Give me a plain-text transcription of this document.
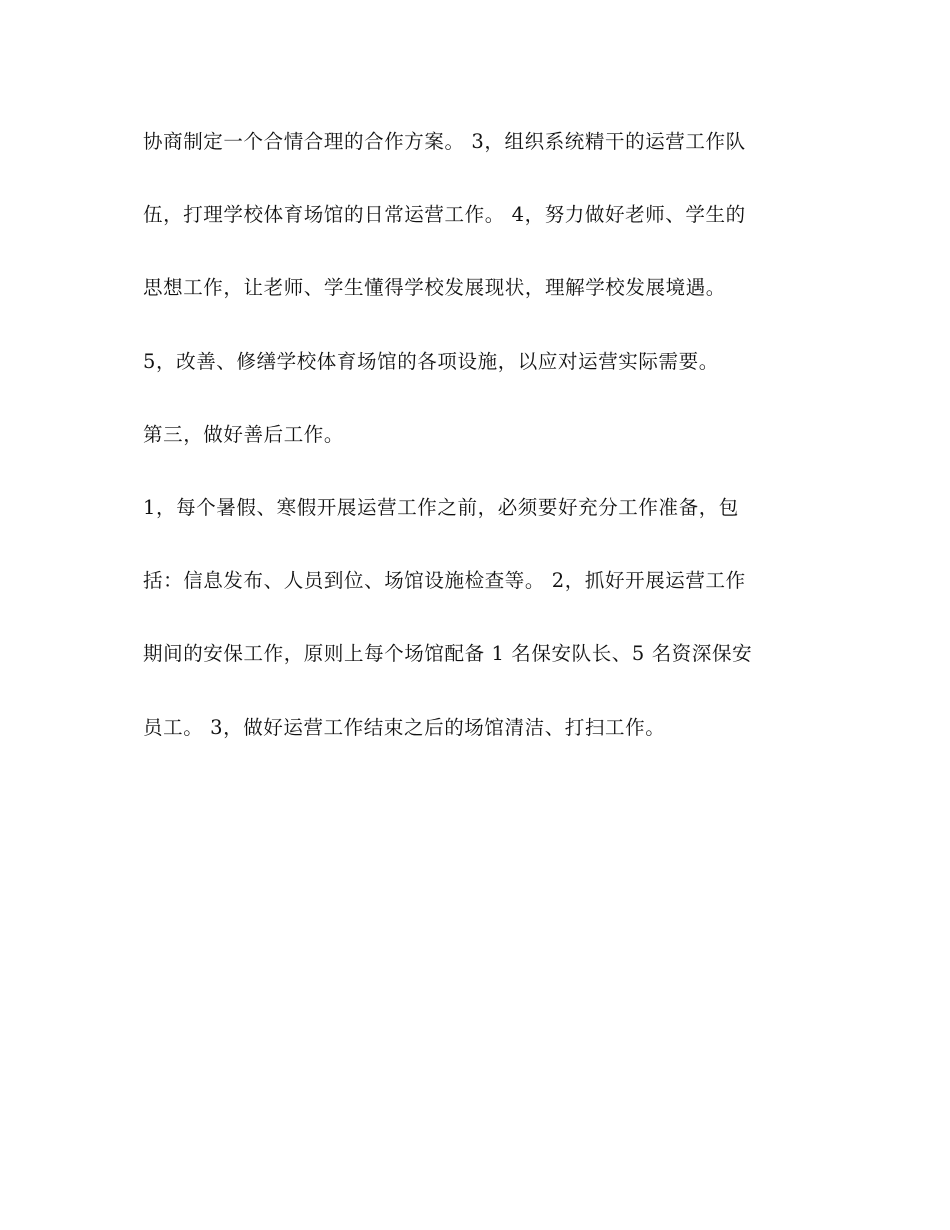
协商制定一个合情合理的合作方案。 3，组织系统精干的运营工作队
伍，打理学校体育场馆的日常运营工作。 4，努力做好老师、学生的
思想工作，让老师、学生懂得学校发展现状，理解学校发展境遇。
5，改善、修缮学校体育场馆的各项设施，以应对运营实际需要。
第三，做好善后工作。
1，每个暑假、寒假开展运营工作之前，必须要好充分工作准备，包
括：信息发布、人员到位、场馆设施检查等。 2，抓好开展运营工作
期间的安保工作，原则上每个场馆配备 1 名保安队长、5 名资深保安
员工。 3，做好运营工作结束之后的场馆清洁、打扫工作。
